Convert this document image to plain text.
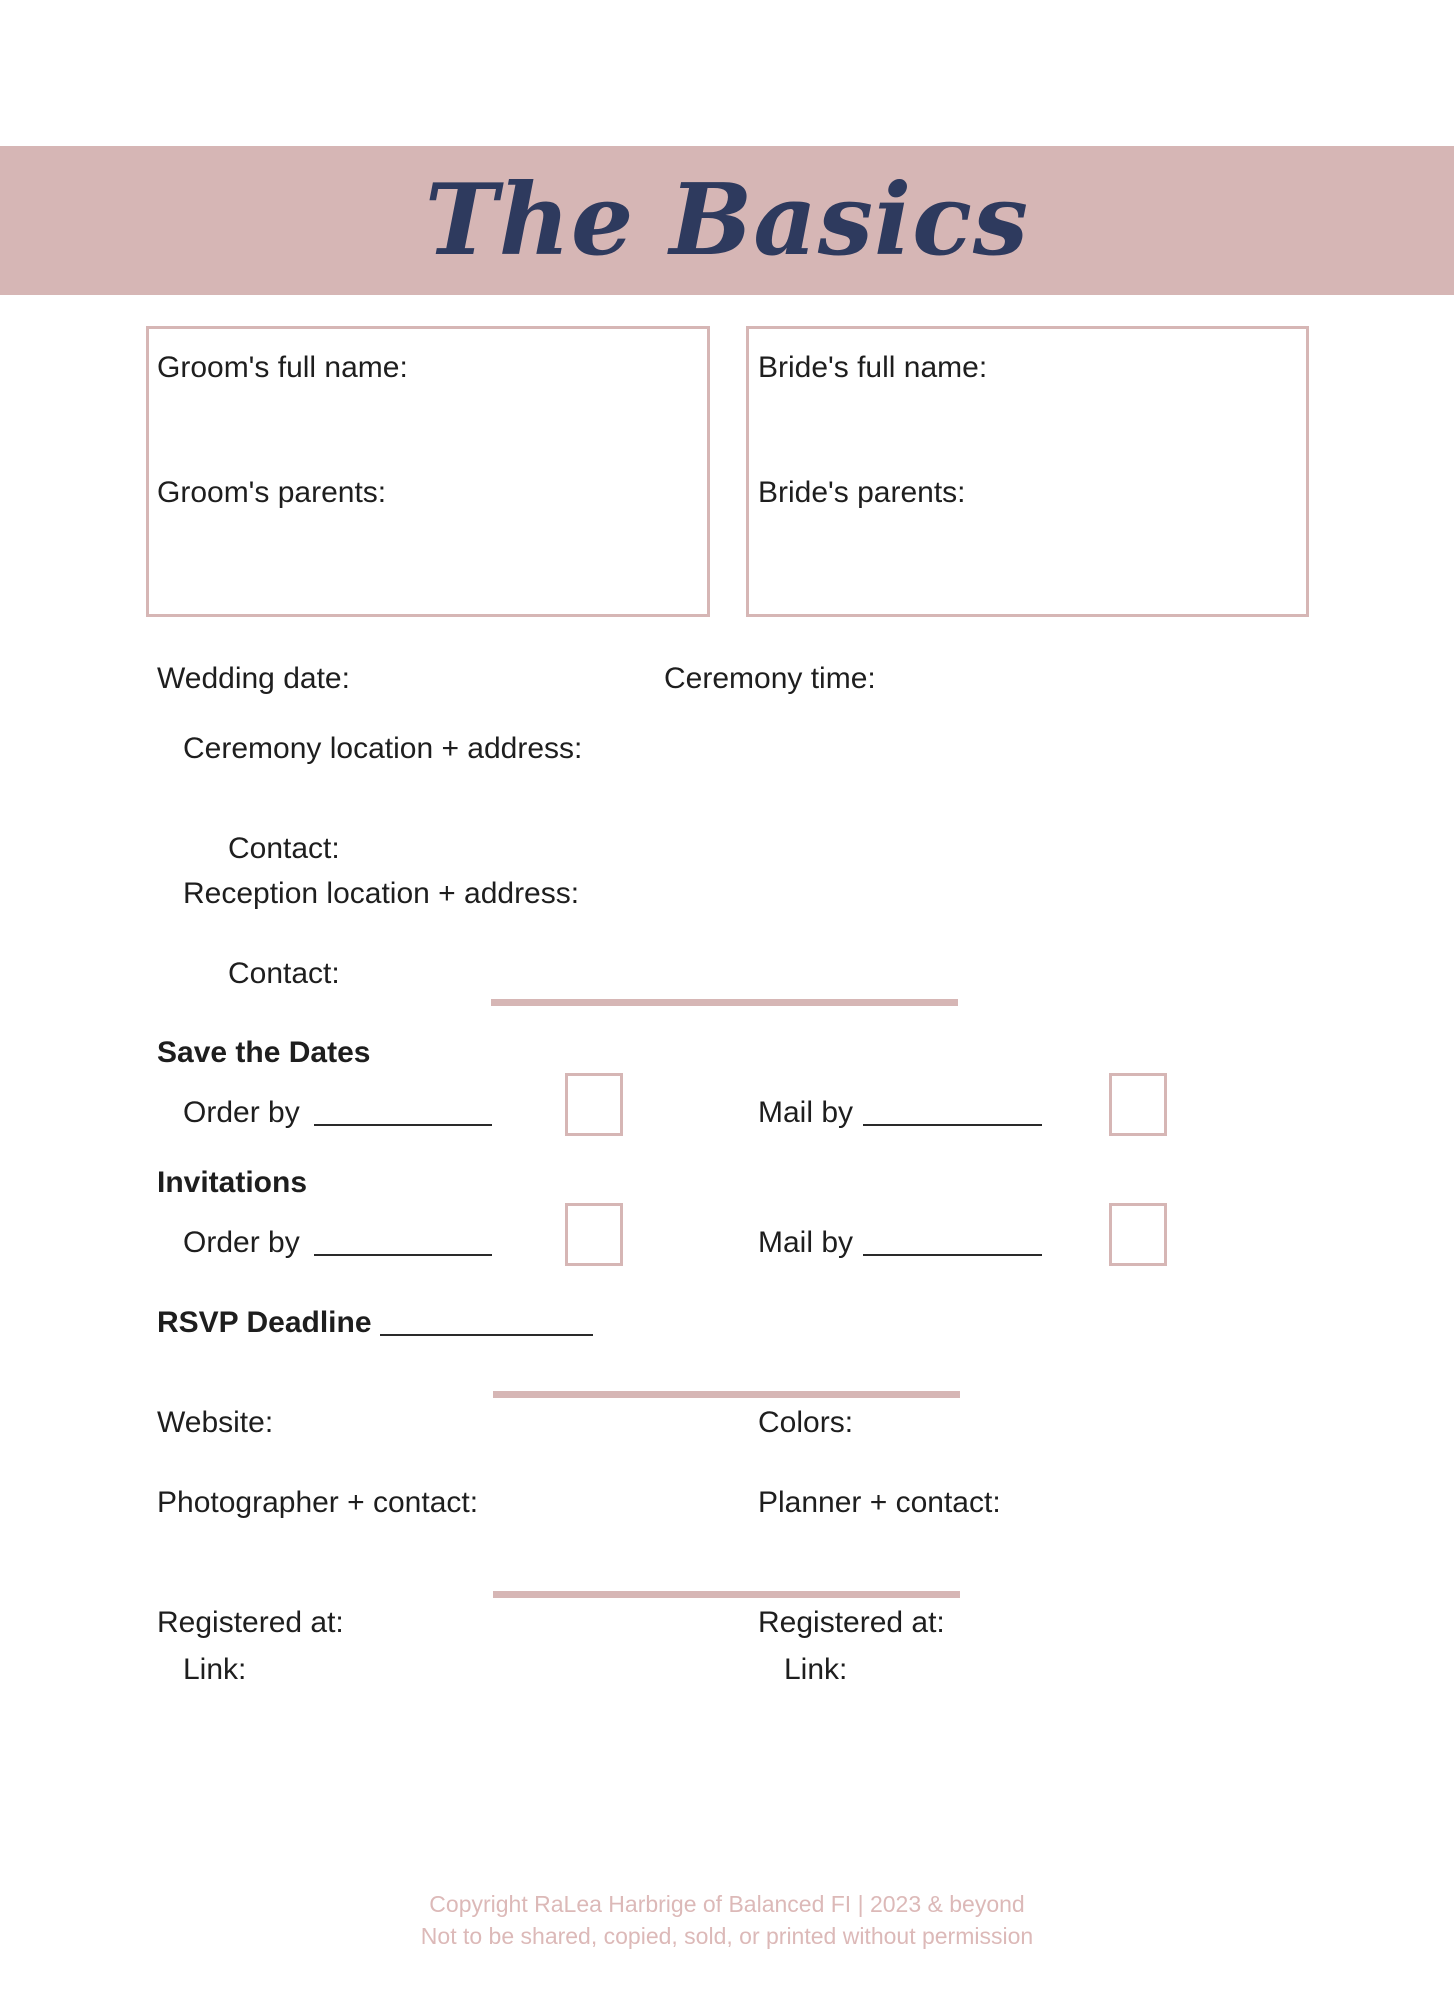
The Basics
Groom's full name:
Groom's parents:
Bride's full name:
Bride's parents:
Wedding date:	Ceremony time:
Ceremony location + address:
Contact:
Reception location + address:
Contact:
Save the Dates
Order by	Mail by
Invitations
Order by	Mail by
RSVP Deadline
Website:	Colors:
Photographer + contact:	Planner + contact:
Registered at:
Link:
Registered at:
Link:
Copyright RaLea Harbrige of Balanced FI | 2023 & beyond
Not to be shared, copied, sold, or printed without permission
